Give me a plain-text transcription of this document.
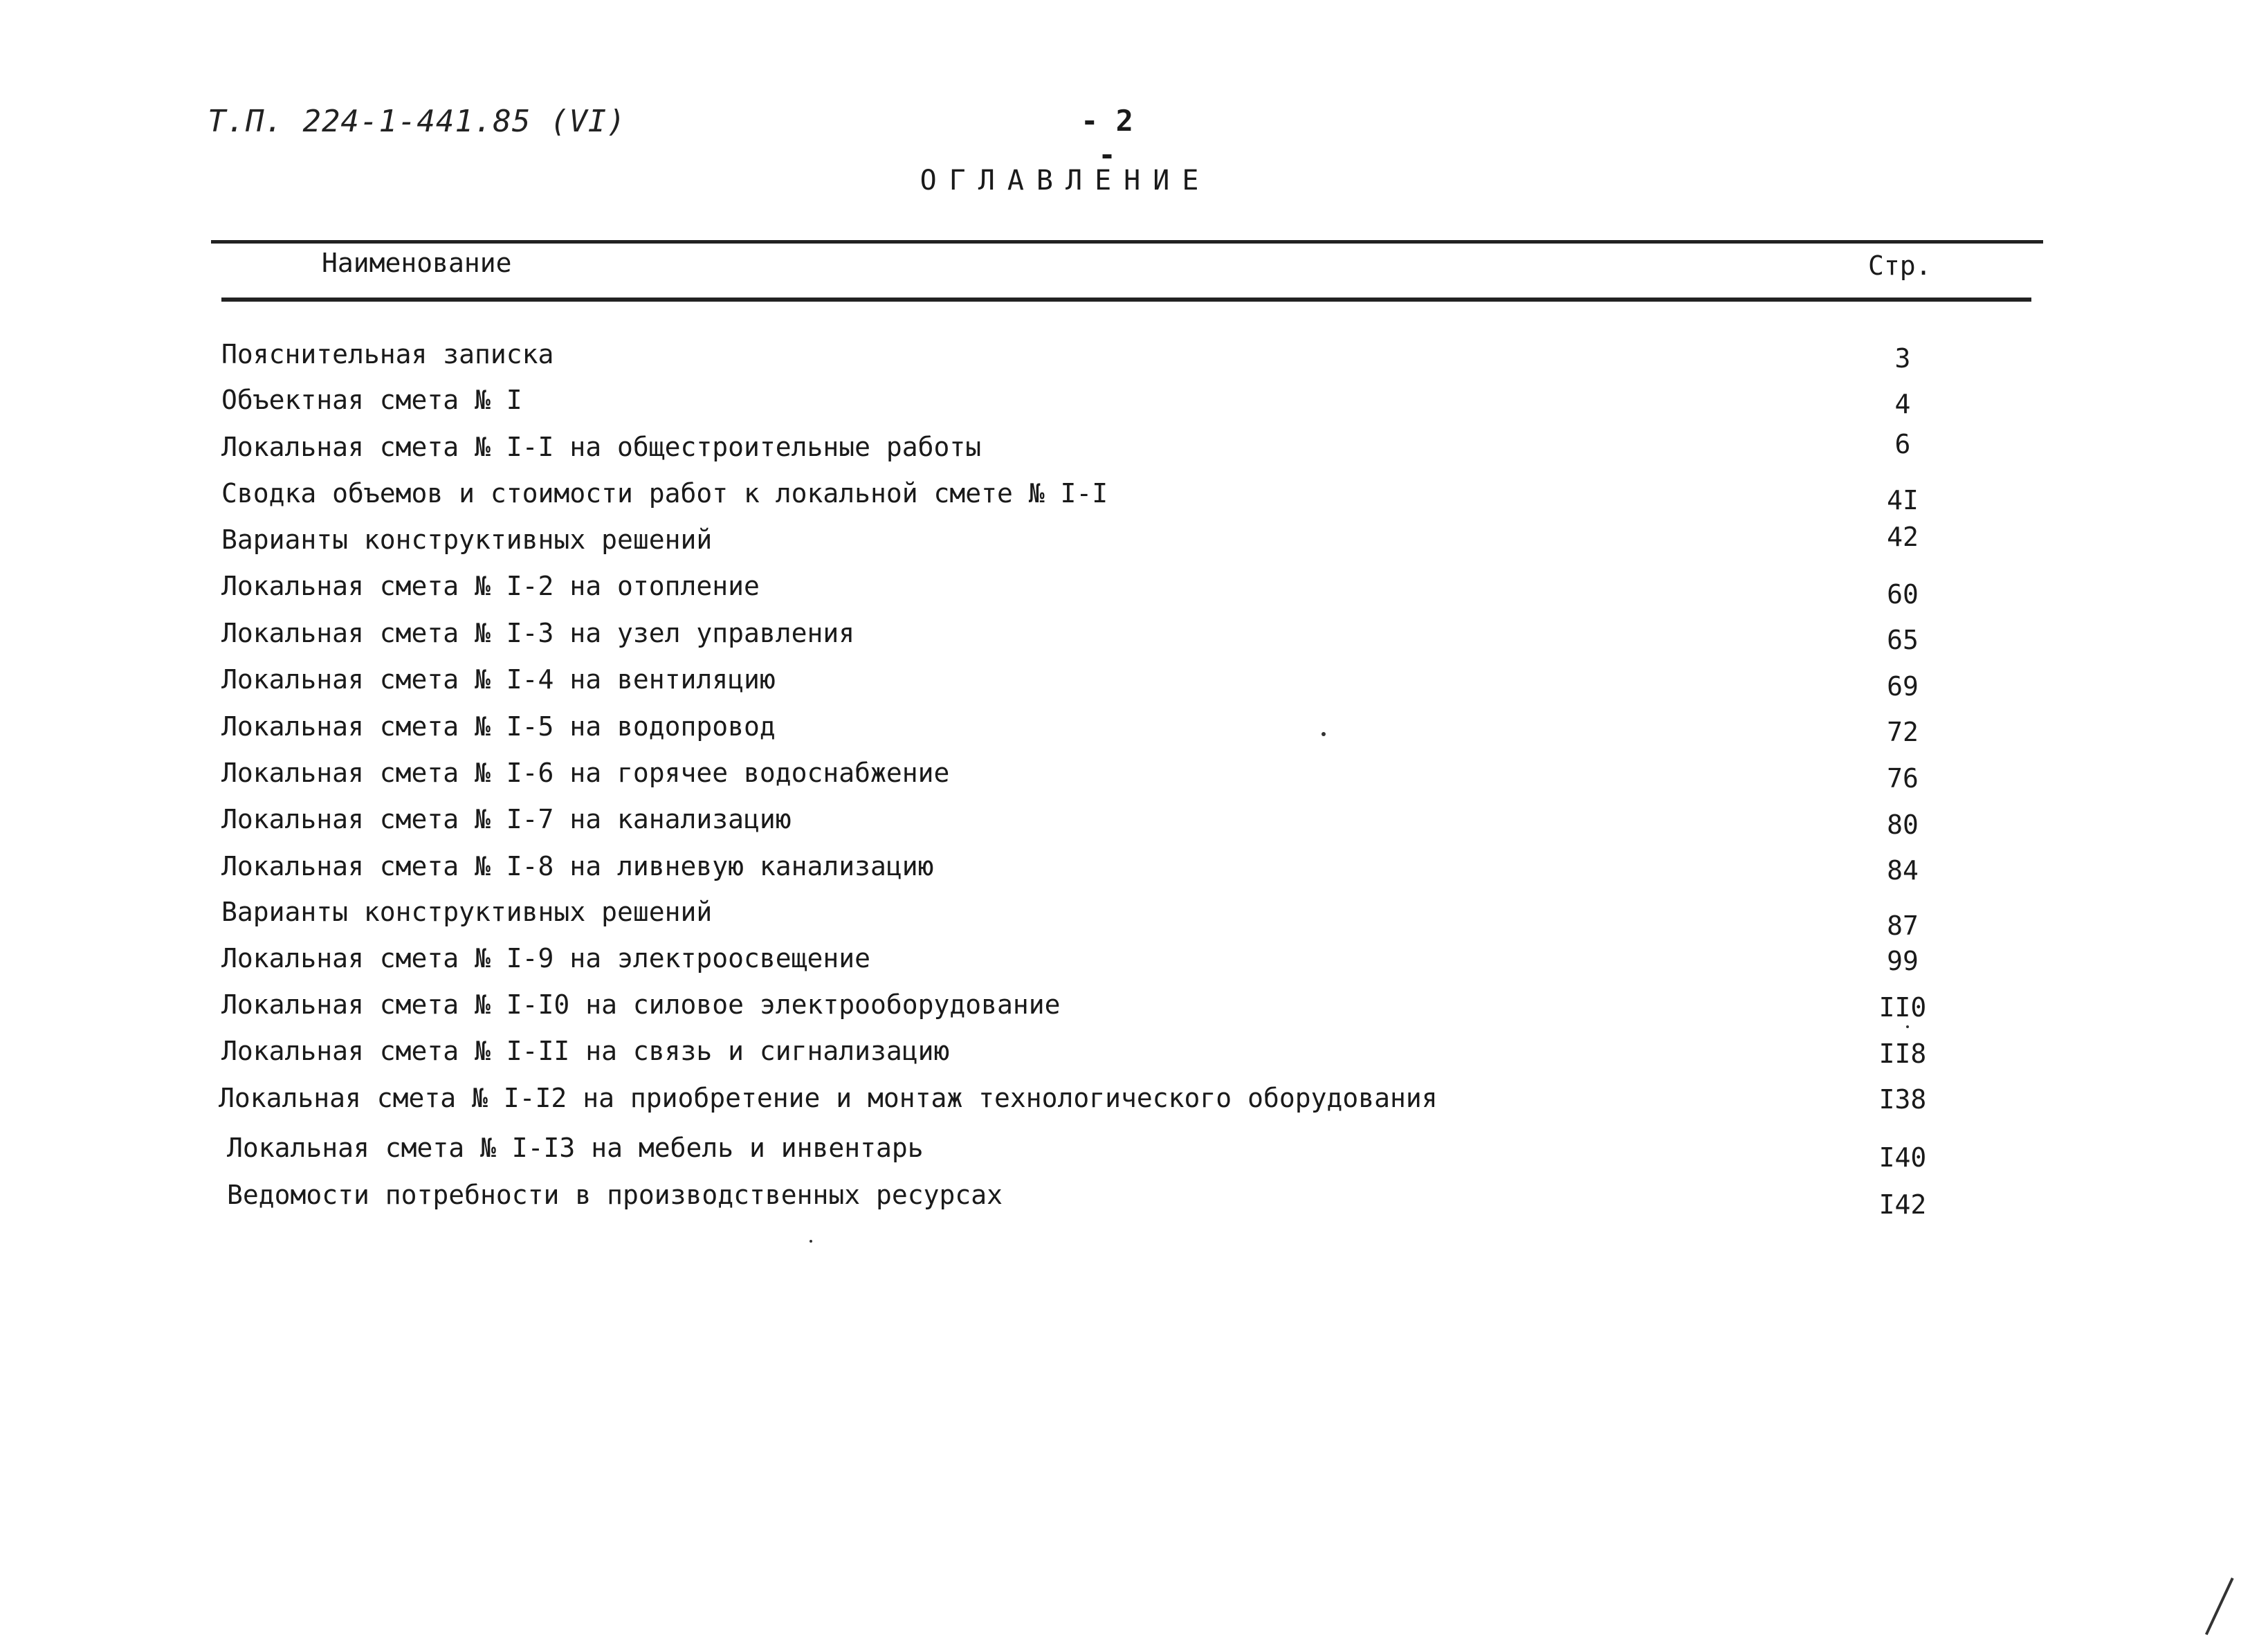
Т.П. 224-1-441.85 (VI)	- 2 -
ОГЛАВЛЕНИЕ
Наименование	Стр.
Пояснительная записка	3
Объектная смета № I	4
Локальная смета № I-I на общестроительные работы	6
Сводка объемов и стоимости работ к локальной смете № I-I	4I
Варианты конструктивных решений	42
Локальная смета № I-2 на отопление	60
Локальная смета № I-3 на узел управления	65
Локальная смета № I-4 на вентиляцию	69
Локальная смета № I-5 на водопровод	72
Локальная смета № I-6 на горячее водоснабжение	76
Локальная смета № I-7 на канализацию	80
Локальная смета № I-8 на ливневую канализацию	84
Варианты конструктивных решений	87
Локальная смета № I-9 на электроосвещение	99
Локальная смета № I-I0 на силовое электрооборудование	II0
Локальная смета № I-II на связь и сигнализацию	II8
Локальная смета № I-I2 на приобретение и монтаж технологического оборудования	I38
Локальная смета № I-I3 на мебель и инвентарь	I40
Ведомости потребности в производственных ресурсах	I42
